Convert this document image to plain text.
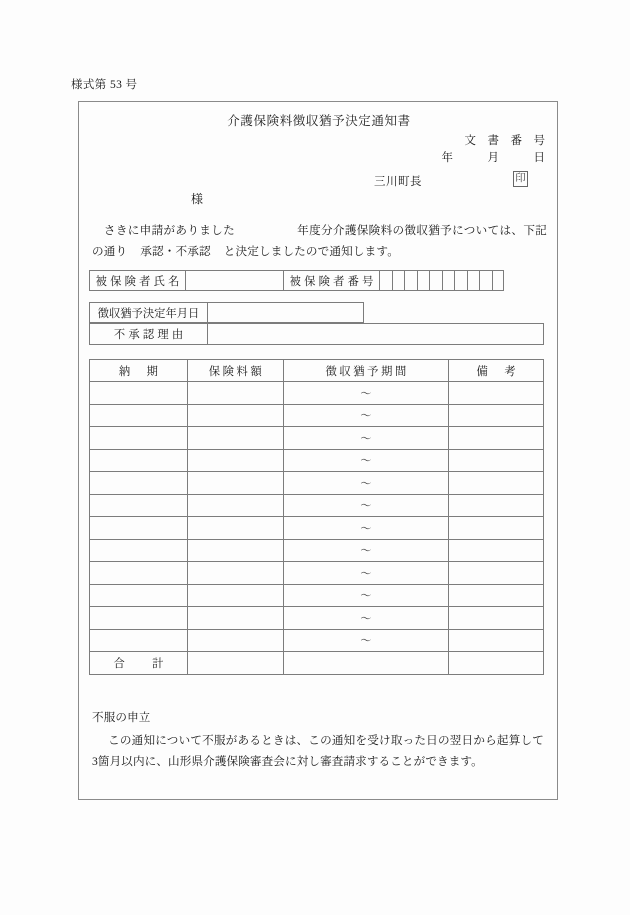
様式第 53 号
介護保険料徴収猶予決定通知書
文　書　番　号
年　　　月　　　日
三川町長	印
様
　さきに申請がありました	年度分介護保険料の徴収猶予については、下記の通り 承認・不承認 と決定しましたので通知します。
被保険者氏名	被保険者番号
徴収猶予決定年月日
不承認理由
納　期	保険料額	徴収猶予期間	備　考
		〜	
		〜	
		〜	
		〜	
		〜	
		〜	
		〜	
		〜	
		〜	
		〜	
		〜	
		〜	
合　計			
不服の申立
この通知について不服があるときは、この通知を受け取った日の翌日から起算して3箇月以内に、山形県介護保険審査会に対し審査請求することができます。
